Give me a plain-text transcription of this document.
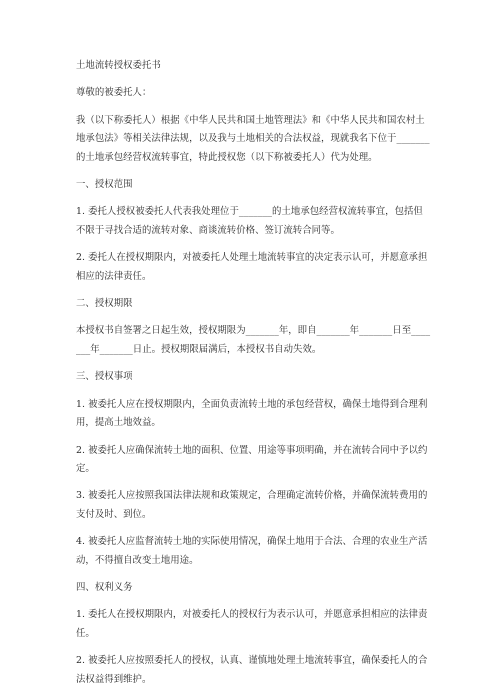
土地流转授权委托书

尊敬的被委托人：

我（以下称委托人）根据《中华人民共和国土地管理法》和《中华人民共和国农村土地承包法》等相关法律法规，以及我与土地相关的合法权益，现就我名下位于_______的土地承包经营权流转事宜，特此授权您（以下称被委托人）代为处理。

一、授权范围

1. 委托人授权被委托人代表我处理位于_______的土地承包经营权流转事宜，包括但不限于寻找合适的流转对象、商谈流转价格、签订流转合同等。

2. 委托人在授权期限内，对被委托人处理土地流转事宜的决定表示认可，并愿意承担相应的法律责任。

二、授权期限

本授权书自签署之日起生效，授权期限为_______年，即自_______年_______日至_______年_______日止。授权期限届满后，本授权书自动失效。

三、授权事项

1. 被委托人应在授权期限内，全面负责流转土地的承包经营权，确保土地得到合理利用，提高土地效益。

2. 被委托人应确保流转土地的面积、位置、用途等事项明确，并在流转合同中予以约定。

3. 被委托人应按照我国法律法规和政策规定，合理确定流转价格，并确保流转费用的支付及时、到位。

4. 被委托人应监督流转土地的实际使用情况，确保土地用于合法、合理的农业生产活动，不得擅自改变土地用途。

四、权利义务

1. 委托人在授权期限内，对被委托人的授权行为表示认可，并愿意承担相应的法律责任。

2. 被委托人应按照委托人的授权，认真、谨慎地处理土地流转事宜，确保委托人的合法权益得到维护。
